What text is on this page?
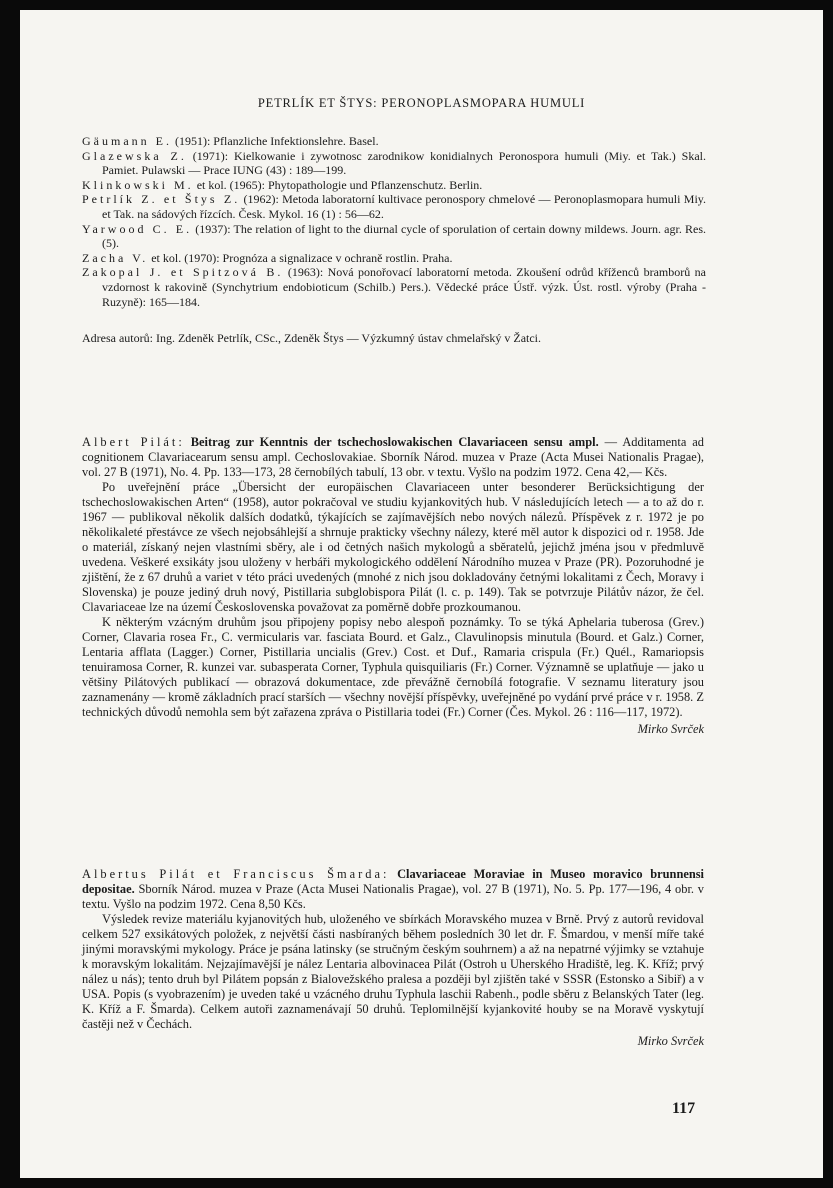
PETRLÍK ET ŠTYS: PERONOPLASMOPARA HUMULI
Gäumann E. (1951): Pflanzliche Infektionslehre. Basel.
Glazewska Z. (1971): Kielkowanie i zywotnosc zarodnikow konidialnych Peronospora humuli (Miy. et Tak.) Skal. Pamiet. Pulawski — Prace IUNG (43) : 189—199.
Klinkowski M. et kol. (1965): Phytopathologie und Pflanzenschutz. Berlin.
Petrlík Z. et Štys Z. (1962): Metoda laboratorní kultivace peronospory chmelové — Peronoplasmopara humuli Miy. et Tak. na sádových řízcích. Česk. Mykol. 16 (1) : 56—62.
Yarwood C. E. (1937): The relation of light to the diurnal cycle of sporulation of certain downy mildews. Journ. agr. Res. (5).
Zacha V. et kol. (1970): Prognóza a signalizace v ochraně rostlin. Praha.
Zakopal J. et Spitzová B. (1963): Nová ponořovací laboratorní metoda. Zkoušení odrůd kříženců bramborů na vzdornost k rakovině (Synchytrium endobioticum (Schilb.) Pers.). Vědecké práce Ústř. výzk. Úst. rostl. výroby (Praha - Ruzyně): 165—184.
Adresa autorů: Ing. Zdeněk Petrlík, CSc., Zdeněk Štys — Výzkumný ústav chmelařský v Žatci.

Albert Pilát: Beitrag zur Kenntnis der tschechoslowakischen Clavariaceen sensu ampl. — Additamenta ad cognitionem Clavariacearum sensu ampl. Cechoslovakiae. Sborník Národ. muzea v Praze (Acta Musei Nationalis Pragae), vol. 27 B (1971), No. 4. Pp. 133—173, 28 černobílých tabulí, 13 obr. v textu. Vyšlo na podzim 1972. Cena 42,— Kčs.

Po uveřejnění práce „Übersicht der europäischen Clavariaceen unter besonderer Berücksichtigung der tschechoslowakischen Arten“ (1958), autor pokračoval ve studiu kyjankovitých hub. V následujících letech — a to až do r. 1967 — publikoval několik dalších dodatků, týkajících se zajímavějších nebo nových nálezů. Příspěvek z r. 1972 je po několikaleté přestávce ze všech nejobsáhlejší a shrnuje prakticky všechny nálezy, které měl autor k dispozici od r. 1958. Jde o materiál, získaný nejen vlastními sběry, ale i od četných našich mykologů a sběratelů, jejichž jména jsou v předmluvě uvedena. Veškeré exsikáty jsou uloženy v herbáři mykologického oddělení Národního muzea v Praze (PR). Pozoruhodné je zjištění, že z 67 druhů a variet v této práci uvedených (mnohé z nich jsou dokladovány četnými lokalitami z Čech, Moravy i Slovenska) je pouze jediný druh nový, Pistillaria subglobispora Pilát (l. c. p. 149). Tak se potvrzuje Pilátův názor, že čel. Clavariaceae lze na území Československa považovat za poměrně dobře prozkoumanou.

K některým vzácným druhům jsou připojeny popisy nebo alespoň poznámky. To se týká Aphelaria tuberosa (Grev.) Corner, Clavaria rosea Fr., C. vermicularis var. fasciata Bourd. et Galz., Clavulinopsis minutula (Bourd. et Galz.) Corner, Lentaria afflata (Lagger.) Corner, Pistillaria uncialis (Grev.) Cost. et Duf., Ramaria crispula (Fr.) Quél., Ramariopsis tenuiramosa Corner, R. kunzei var. subasperata Corner, Typhula quisquiliaris (Fr.) Corner. Významně se uplatňuje — jako u většiny Pilátových publikací — obrazová dokumentace, zde převážně černobílá fotografie. V seznamu literatury jsou zaznamenány — kromě základních prací starších — všechny novější příspěvky, uveřejněné po vydání prvé práce v r. 1958. Z technických důvodů nemohla sem být zařazena zpráva o Pistillaria todei (Fr.) Corner (Čes. Mykol. 26 : 116—117, 1972).

Mirko Svrček

Albertus Pilát et Franciscus Šmarda: Clavariaceae Moraviae in Museo moravico brunnensi depositae. Sborník Národ. muzea v Praze (Acta Musei Nationalis Pragae), vol. 27 B (1971), No. 5. Pp. 177—196, 4 obr. v textu. Vyšlo na podzim 1972. Cena 8,50 Kčs.

Výsledek revize materiálu kyjanovitých hub, uloženého ve sbírkách Moravského muzea v Brně. Prvý z autorů revidoval celkem 527 exsikátových položek, z největší části nasbíraných během posledních 30 let dr. F. Šmardou, v menší míře také jinými moravskými mykology. Práce je psána latinsky (se stručným českým souhrnem) a až na nepatrné výjimky se vztahuje k moravským lokalitám. Nejzajímavější je nález Lentaria albovinacea Pilát (Ostroh u Uherského Hradiště, leg. K. Kříž; prvý nález u nás); tento druh byl Pilátem popsán z Bialovežského pralesa a později byl zjištěn také v SSSR (Estonsko a Sibiř) a v USA. Popis (s vyobrazením) je uveden také u vzácného druhu Typhula laschii Rabenh., podle sběru z Belanských Tater (leg. K. Kříž a F. Šmarda). Celkem autoři zaznamenávají 50 druhů. Teplomilnější kyjankovité houby se na Moravě vyskytují častěji než v Čechách.

Mirko Svrček
117
